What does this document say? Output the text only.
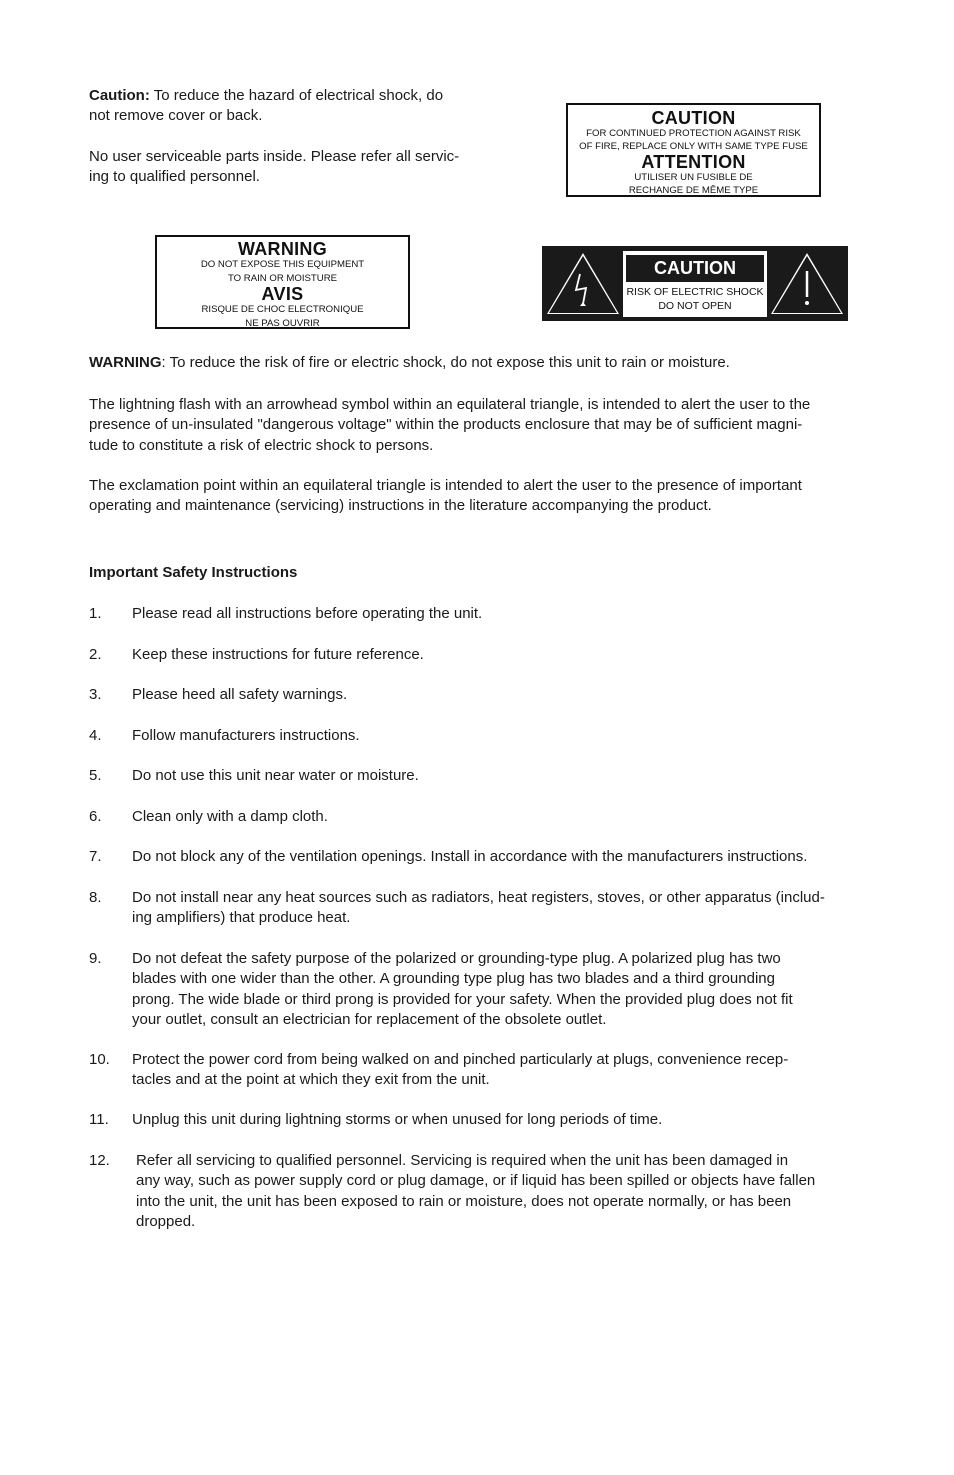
Caution: To reduce the hazard of electrical shock, do
not remove cover or back.
No user serviceable parts inside. Please refer all servic-
ing to qualified personnel.
CAUTION
FOR CONTINUED PROTECTION AGAINST RISK
OF FIRE, REPLACE ONLY WITH SAME TYPE FUSE
ATTENTION
UTILISER UN FUSIBLE DE
RECHANGE DE MÊME TYPE
WARNING
DO NOT EXPOSE THIS EQUIPMENT
TO RAIN OR MOISTURE
AVIS
RISQUE DE CHOC ELECTRONIQUE
NE PAS OUVRIR
CAUTION
RISK OF ELECTRIC SHOCK
DO NOT OPEN
WARNING: To reduce the risk of fire or electric shock, do not expose this unit to rain or moisture.
The lightning flash with an arrowhead symbol within an equilateral triangle, is intended to alert the user to the
presence of un-insulated "dangerous voltage" within the products enclosure that may be of sufficient magni-
tude to constitute a risk of electric shock to persons.
The exclamation point within an equilateral triangle is intended to alert the user to the presence of important
operating and maintenance (servicing) instructions in the literature accompanying the product.
Important Safety Instructions
1. Please read all instructions before operating the unit.
2. Keep these instructions for future reference.
3. Please heed all safety warnings.
4. Follow manufacturers instructions.
5. Do not use this unit near water or moisture.
6. Clean only with a damp cloth.
7. Do not block any of the ventilation openings. Install in accordance with the manufacturers instructions.
8. Do not install near any heat sources such as radiators, heat registers, stoves, or other apparatus (includ-
ing amplifiers) that produce heat.
9. Do not defeat the safety purpose of the polarized or grounding-type plug. A polarized plug has two
blades with one wider than the other. A grounding type plug has two blades and a third grounding
prong. The wide blade or third prong is provided for your safety. When the provided plug does not fit
your outlet, consult an electrician for replacement of the obsolete outlet.
10. Protect the power cord from being walked on and pinched particularly at plugs, convenience recep-
tacles and at the point at which they exit from the unit.
11. Unplug this unit during lightning storms or when unused for long periods of time.
12. Refer all servicing to qualified personnel. Servicing is required when the unit has been damaged in
any way, such as power supply cord or plug damage, or if liquid has been spilled or objects have fallen
into the unit, the unit has been exposed to rain or moisture, does not operate normally, or has been
dropped.
